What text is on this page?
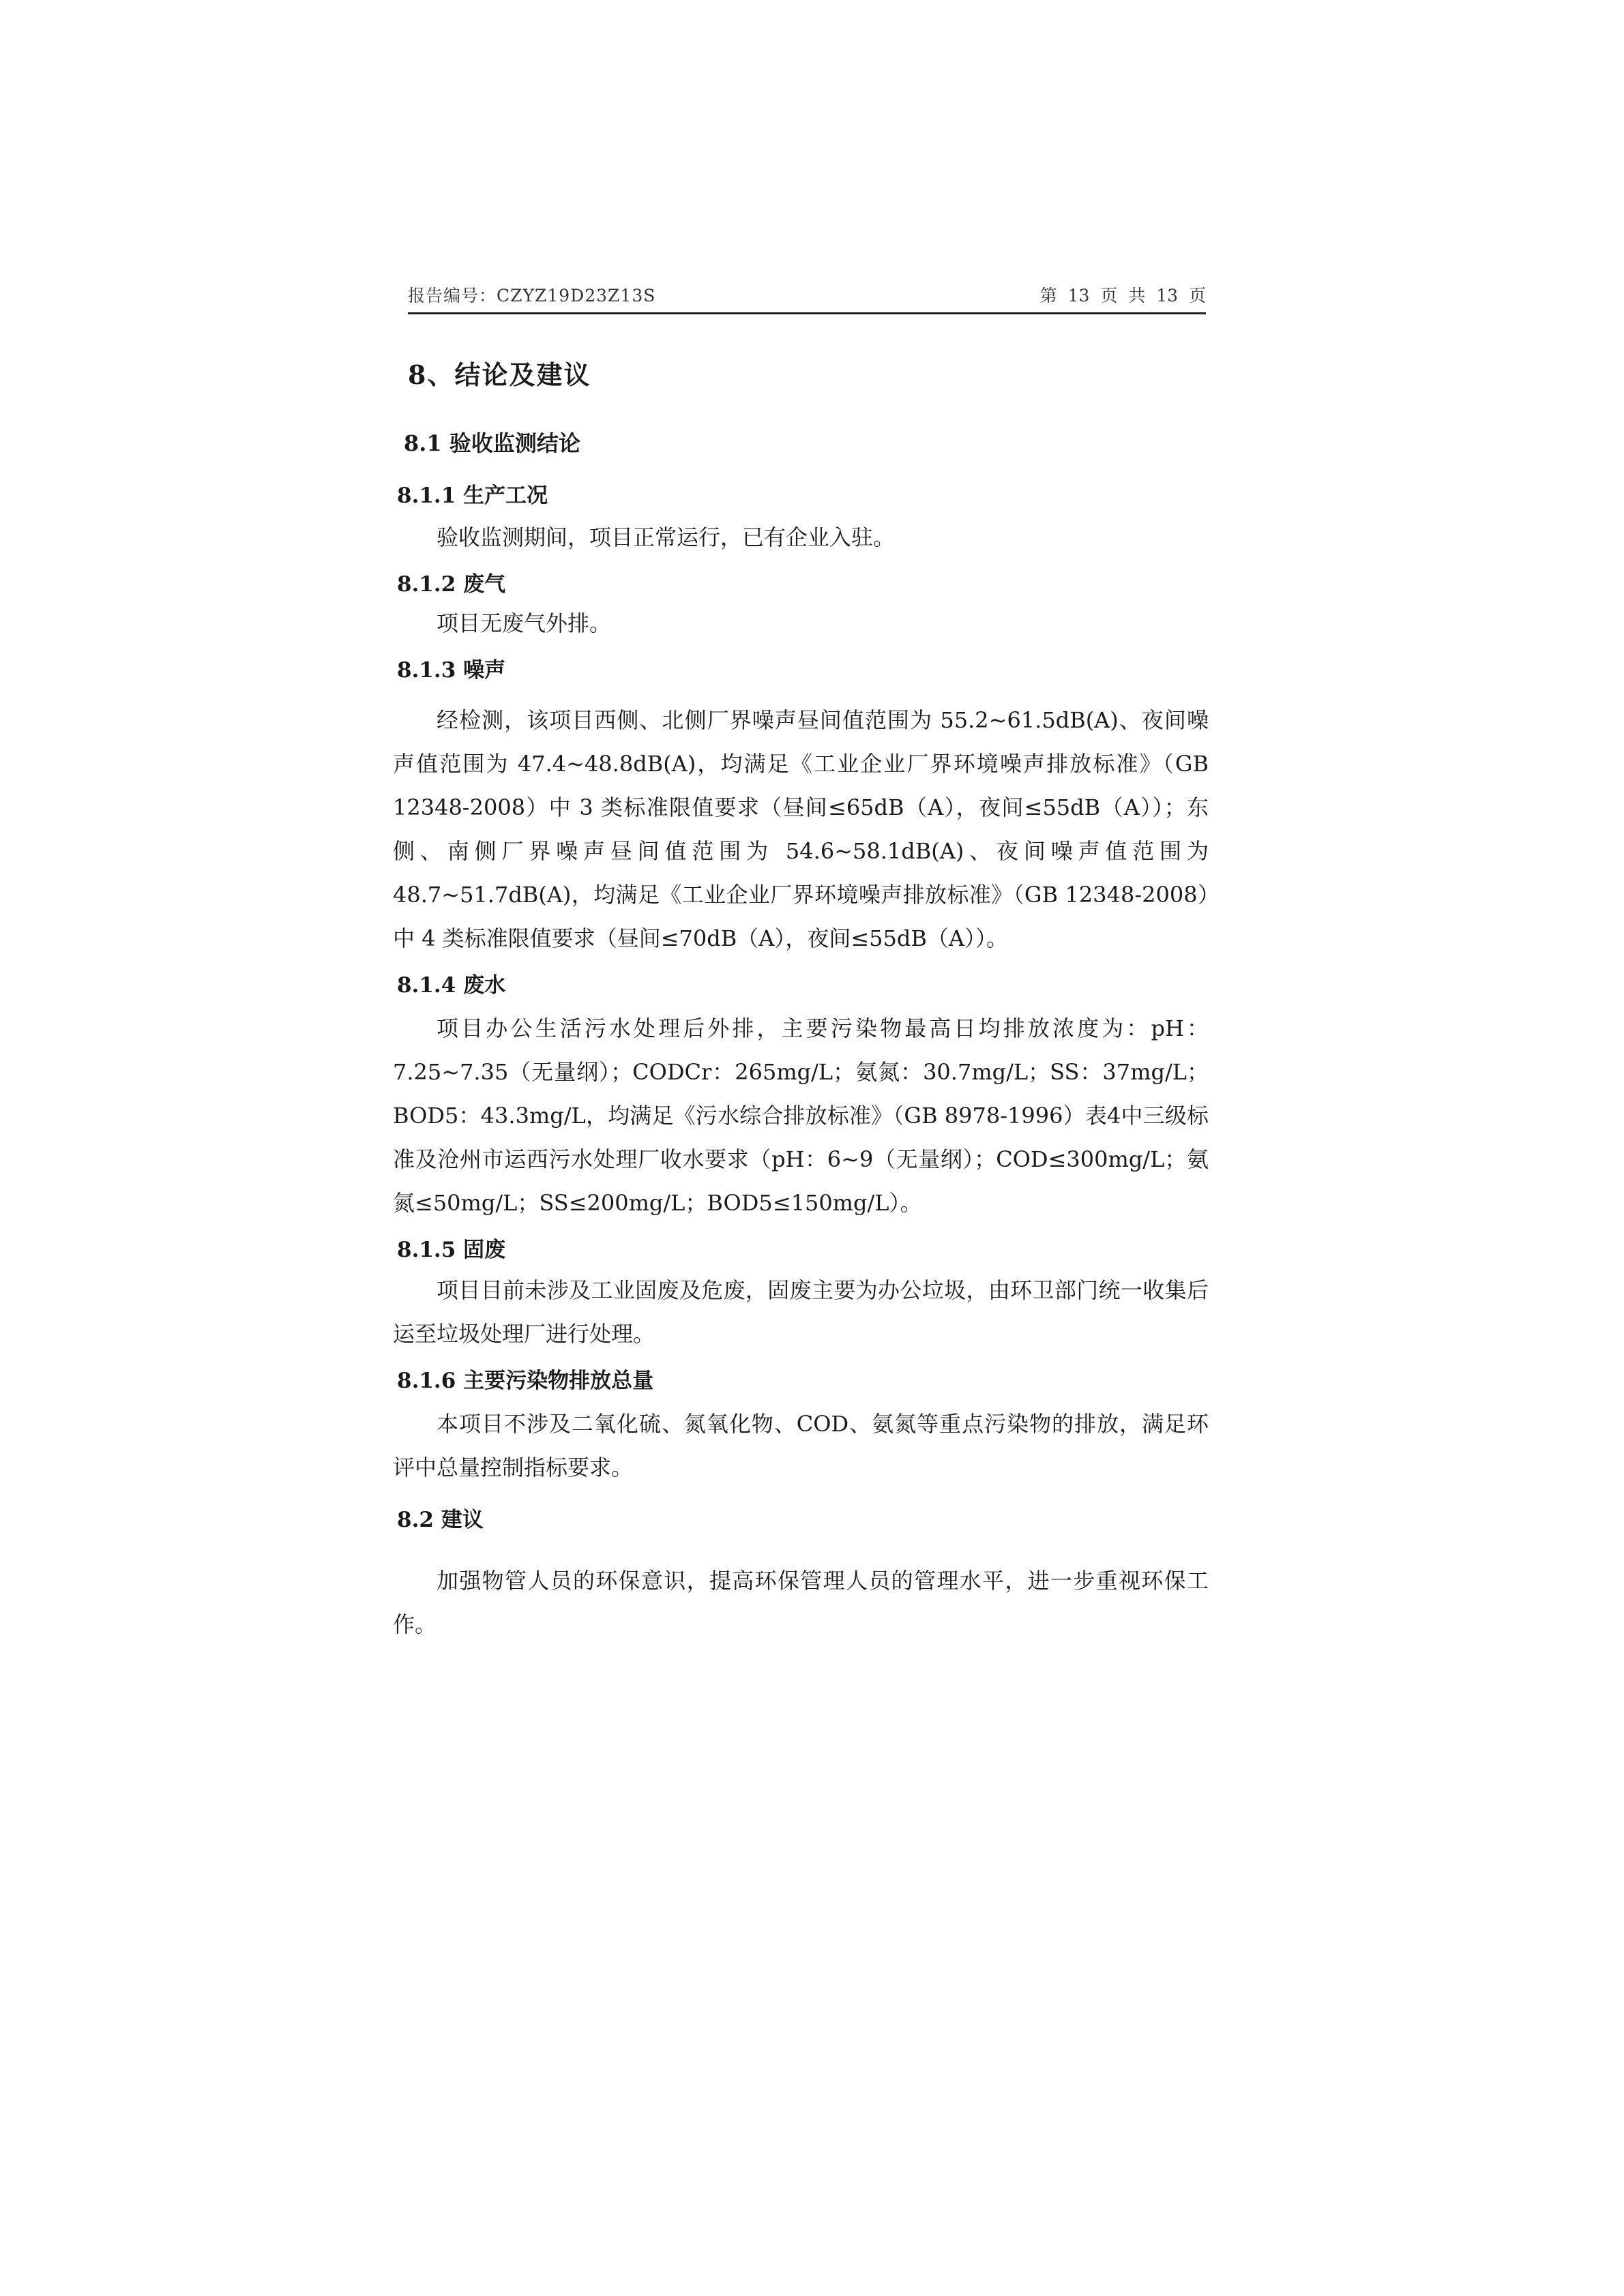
报告编号：CZYZ19D23Z13S	第 13 页 共 13 页
8、结论及建议
8.1 验收监测结论
8.1.1 生产工况

验收监测期间，项目正常运行，已有企业入驻。

8.1.2 废气

项目无废气外排。

8.1.3 噪声

经检测，该项目西侧、北侧厂界噪声昼间值范围为 55.2~61.5dB(A)、夜间噪声值范围为 47.4~48.8dB(A)，均满足《工业企业厂界环境噪声排放标准》（GB 12348-2008）中 3 类标准限值要求（昼间≤65dB（A），夜间≤55dB（A））；东侧、南侧厂界噪声昼间值范围为 54.6~58.1dB(A)、夜间噪声值范围为 48.7~51.7dB(A)，均满足《工业企业厂界环境噪声排放标准》（GB 12348-2008）中 4 类标准限值要求（昼间≤70dB（A），夜间≤55dB（A））。

8.1.4 废水

项目办公生活污水处理后外排，主要污染物最高日均排放浓度为：pH：7.25~7.35（无量纲）；CODCr：265mg/L；氨氮：30.7mg/L；SS：37mg/L；BOD5：43.3mg/L，均满足《污水综合排放标准》（GB 8978-1996）表4中三级标准及沧州市运西污水处理厂收水要求（pH：6~9（无量纲）；COD≤300mg/L；氨氮≤50mg/L；SS≤200mg/L；BOD5≤150mg/L）。

8.1.5 固废

项目目前未涉及工业固废及危废，固废主要为办公垃圾，由环卫部门统一收集后运至垃圾处理厂进行处理。

8.1.6 主要污染物排放总量

本项目不涉及二氧化硫、氮氧化物、COD、氨氮等重点污染物的排放，满足环评中总量控制指标要求。

8.2 建议

加强物管人员的环保意识，提高环保管理人员的管理水平，进一步重视环保工作。
